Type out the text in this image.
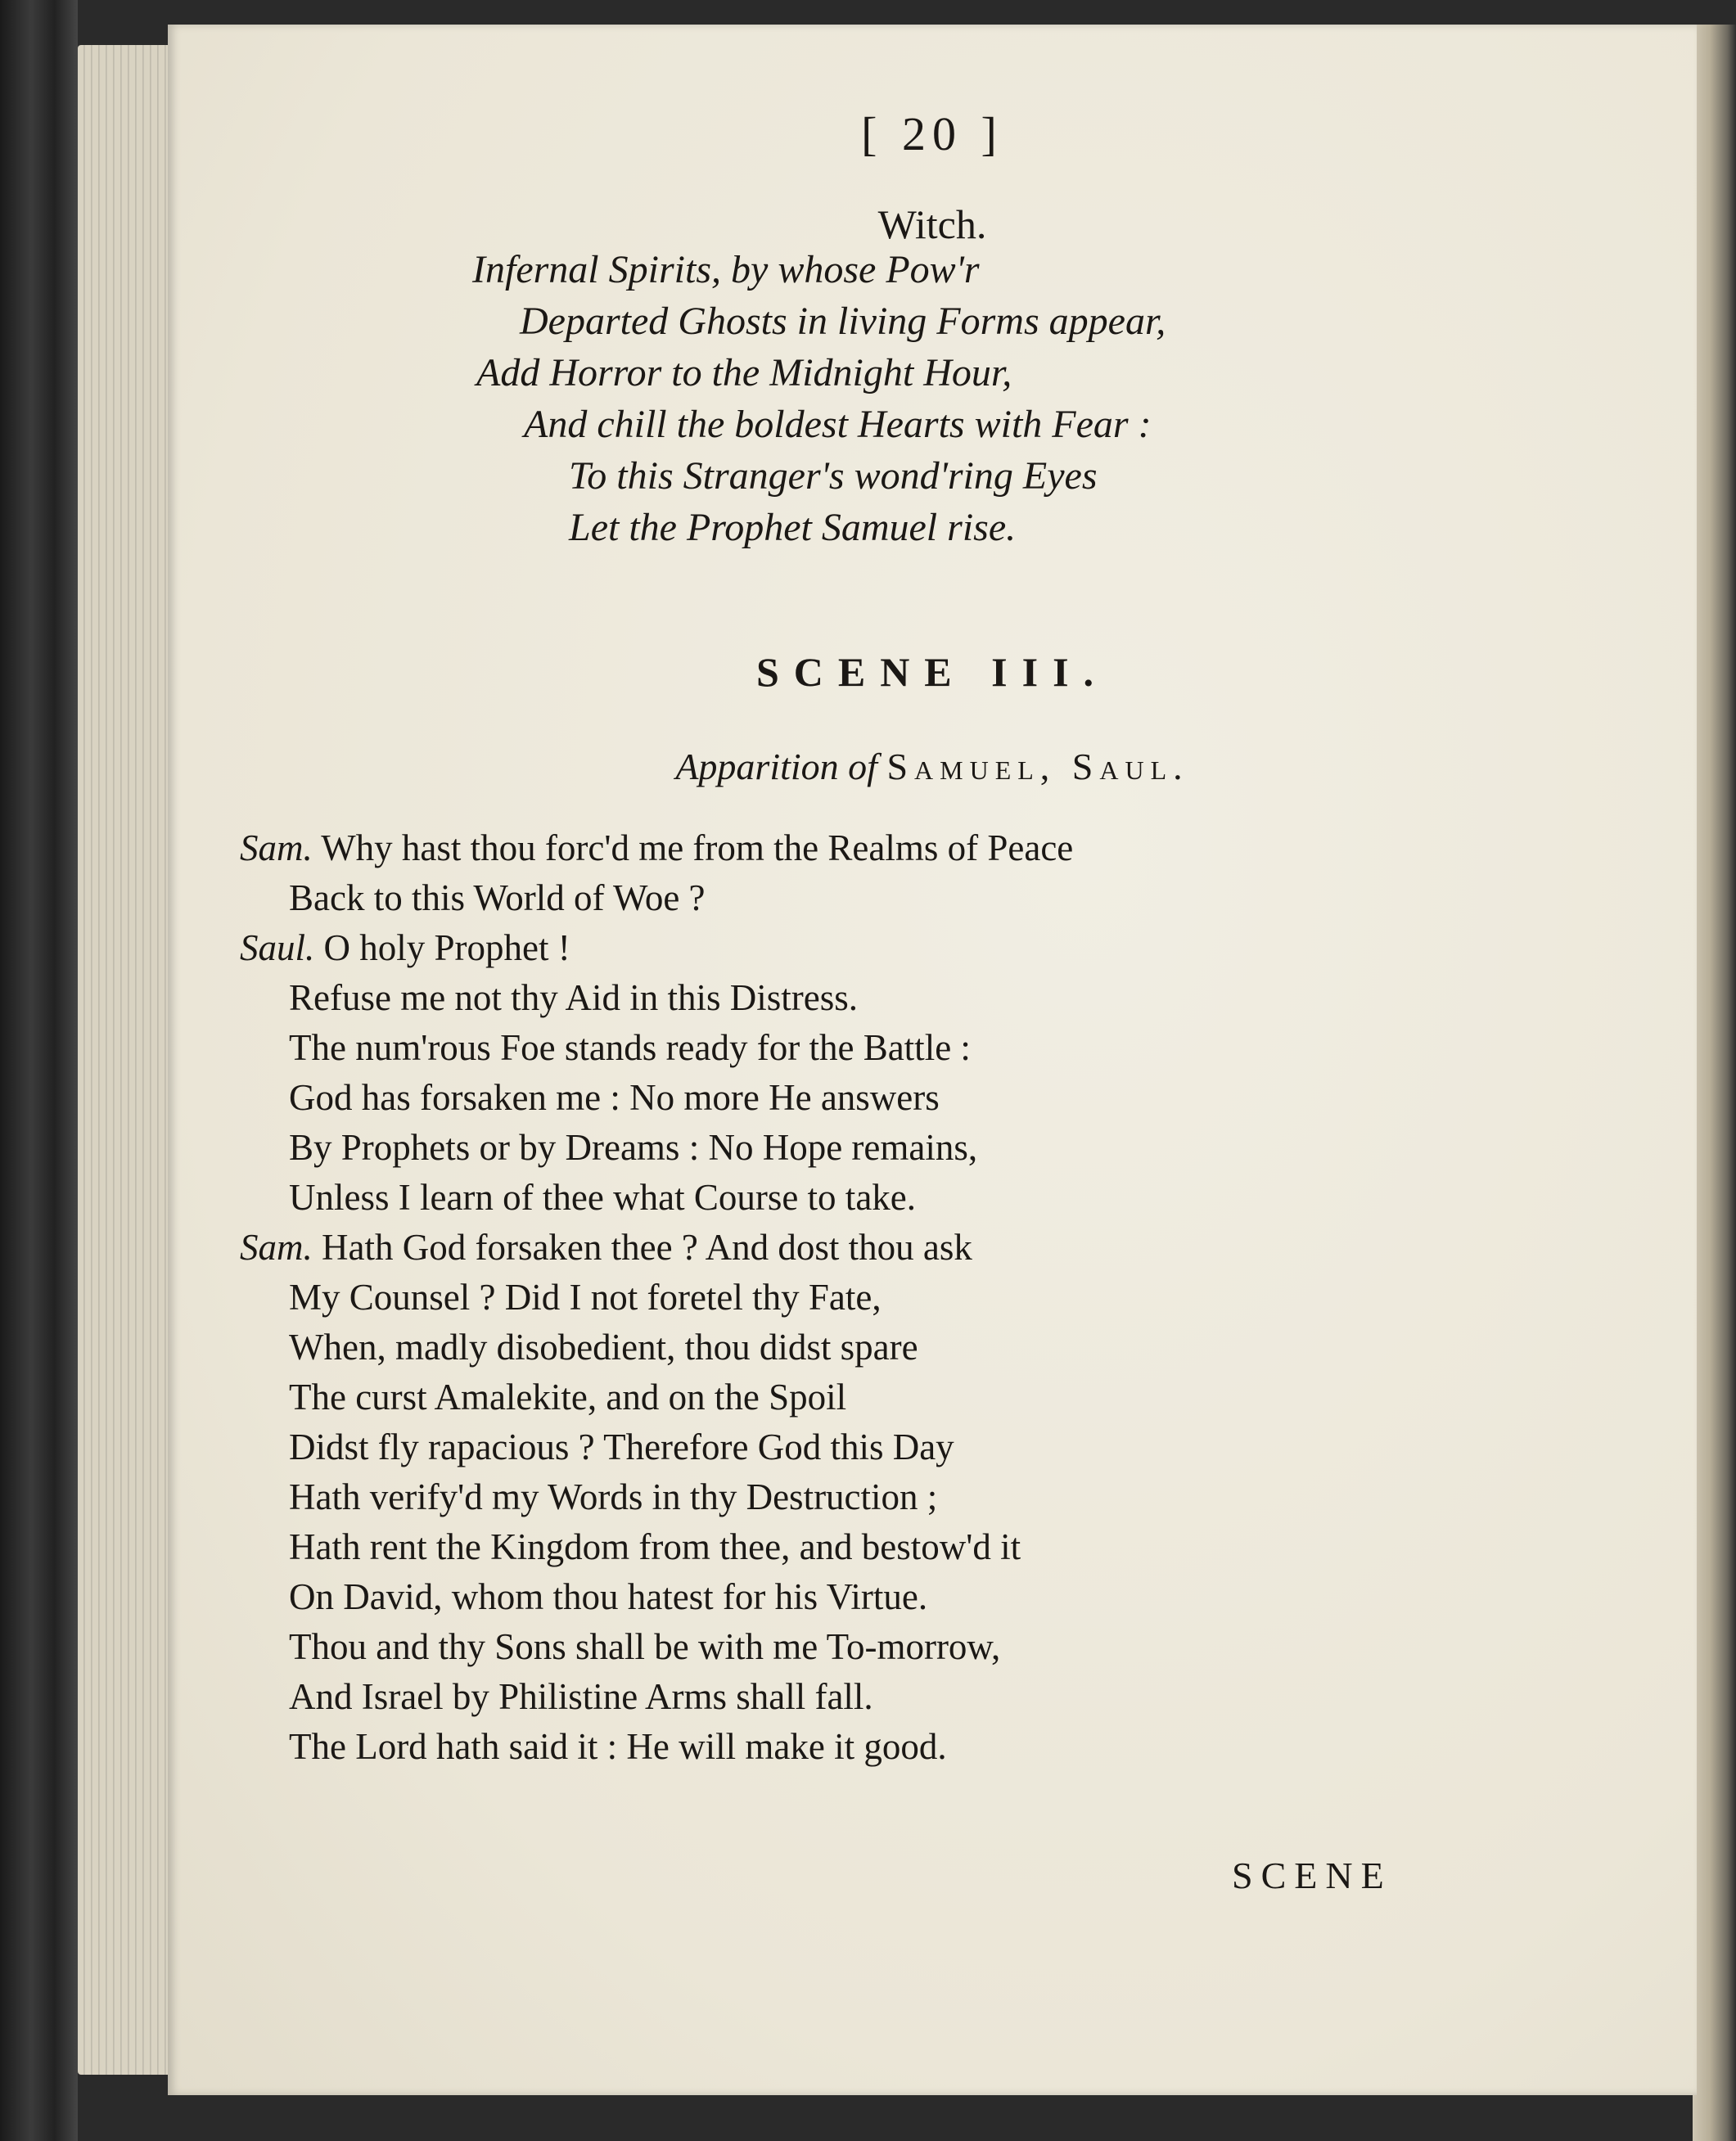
[ 20 ]
Witch.
Infernal Spirits, by whose Pow'r
Departed Ghosts in living Forms appear,
Add Horror to the Midnight Hour,
And chill the boldest Hearts with Fear :
To this Stranger's wond'ring Eyes
Let the Prophet Samuel rise.
SCENE III.
Apparition of Samuel, Saul.
Sam. Why hast thou forc'd me from the Realms of Peace
Back to this World of Woe ?
Saul. O holy Prophet !
Refuse me not thy Aid in this Distress.
The num'rous Foe stands ready for the Battle :
God has forsaken me : No more He answers
By Prophets or by Dreams : No Hope remains,
Unless I learn of thee what Course to take.
Sam. Hath God forsaken thee ? And dost thou ask
My Counsel ? Did I not foretel thy Fate,
When, madly disobedient, thou didst spare
The curst Amalekite, and on the Spoil
Didst fly rapacious ? Therefore God this Day
Hath verify'd my Words in thy Destruction ;
Hath rent the Kingdom from thee, and bestow'd it
On David, whom thou hatest for his Virtue.
Thou and thy Sons shall be with me To-morrow,
And Israel by Philistine Arms shall fall.
The Lord hath said it : He will make it good.
SCENE
